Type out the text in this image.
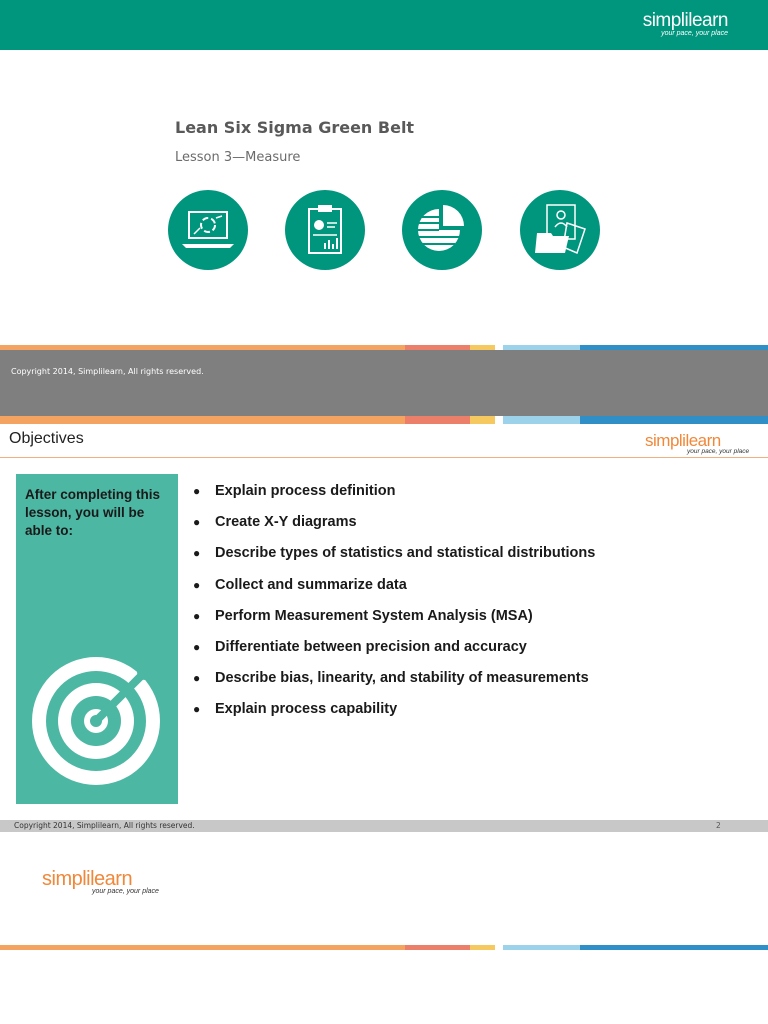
simplilearn
your pace, your place
Lean Six Sigma Green Belt
Lesson 3—Measure
Copyright 2014, Simplilearn, All rights reserved.
Objectives	simplilearn
your pace, your place
After completing this lesson, you will be able to:
● Explain process definition
● Create X-Y diagrams
● Describe types of statistics and statistical distributions
● Collect and summarize data
● Perform Measurement System Analysis (MSA)
● Differentiate between precision and accuracy
● Describe bias, linearity, and stability of measurements
● Explain process capability
Copyright 2014, Simplilearn, All rights reserved.	2
simplilearn
your pace, your place
